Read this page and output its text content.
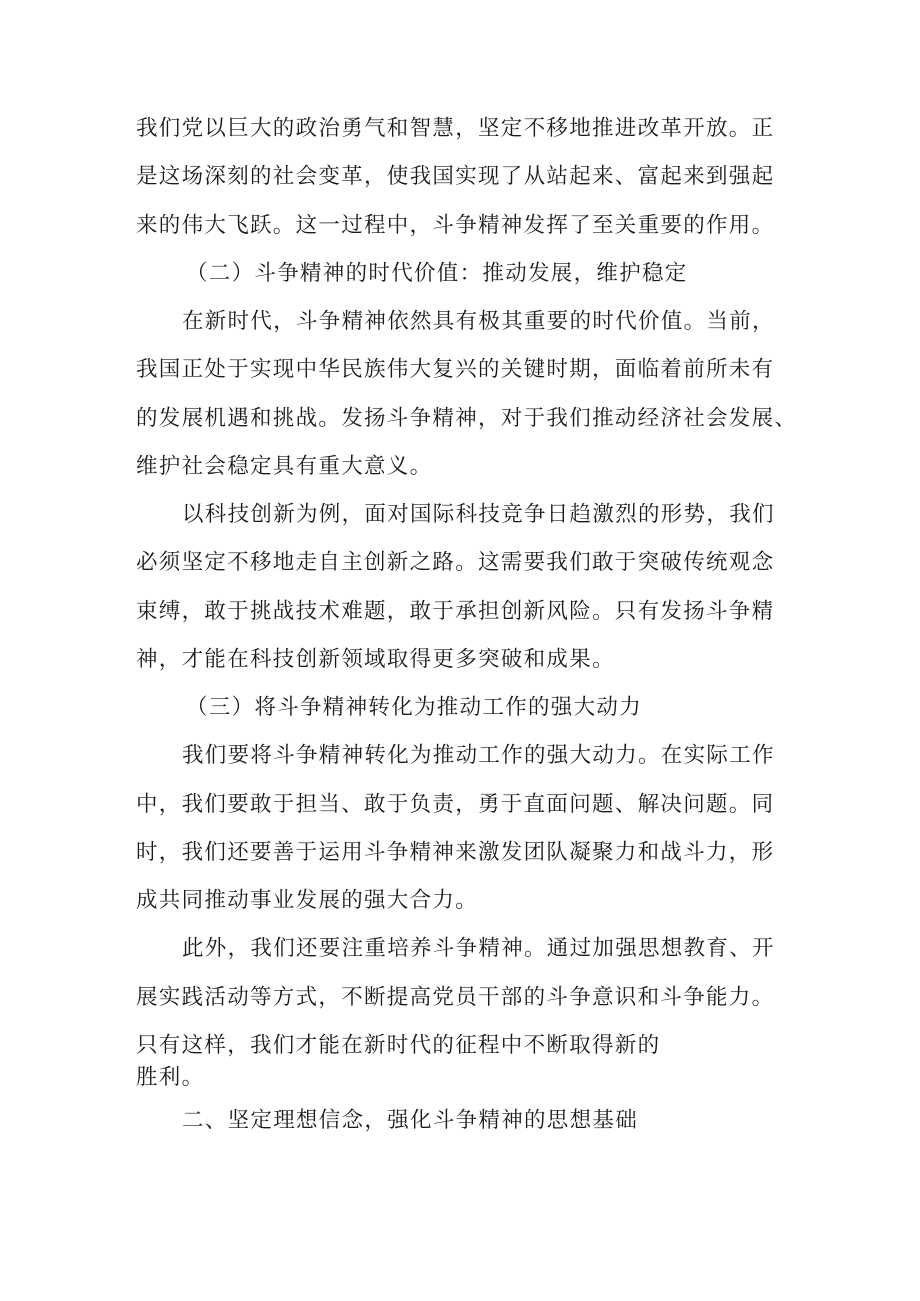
我们党以巨大的政治勇气和智慧，坚定不移地推进改革开放。正
是这场深刻的社会变革，使我国实现了从站起来、富起来到强起
来的伟大飞跃。这一过程中，斗争精神发挥了至关重要的作用。
（二）斗争精神的时代价值：推动发展，维护稳定
在新时代，斗争精神依然具有极其重要的时代价值。当前，
我国正处于实现中华民族伟大复兴的关键时期，面临着前所未有
的发展机遇和挑战。发扬斗争精神，对于我们推动经济社会发展、
维护社会稳定具有重大意义。
以科技创新为例，面对国际科技竞争日趋激烈的形势，我们
必须坚定不移地走自主创新之路。这需要我们敢于突破传统观念
束缚，敢于挑战技术难题，敢于承担创新风险。只有发扬斗争精
神，才能在科技创新领域取得更多突破和成果。
（三）将斗争精神转化为推动工作的强大动力
我们要将斗争精神转化为推动工作的强大动力。在实际工作
中，我们要敢于担当、敢于负责，勇于直面问题、解决问题。同
时，我们还要善于运用斗争精神来激发团队凝聚力和战斗力，形
成共同推动事业发展的强大合力。
此外，我们还要注重培养斗争精神。通过加强思想教育、开
展实践活动等方式，不断提高党员干部的斗争意识和斗争能力。
只有这样，我们才能在新时代的征程中不断取得新的
胜利。
二、坚定理想信念，强化斗争精神的思想基础
